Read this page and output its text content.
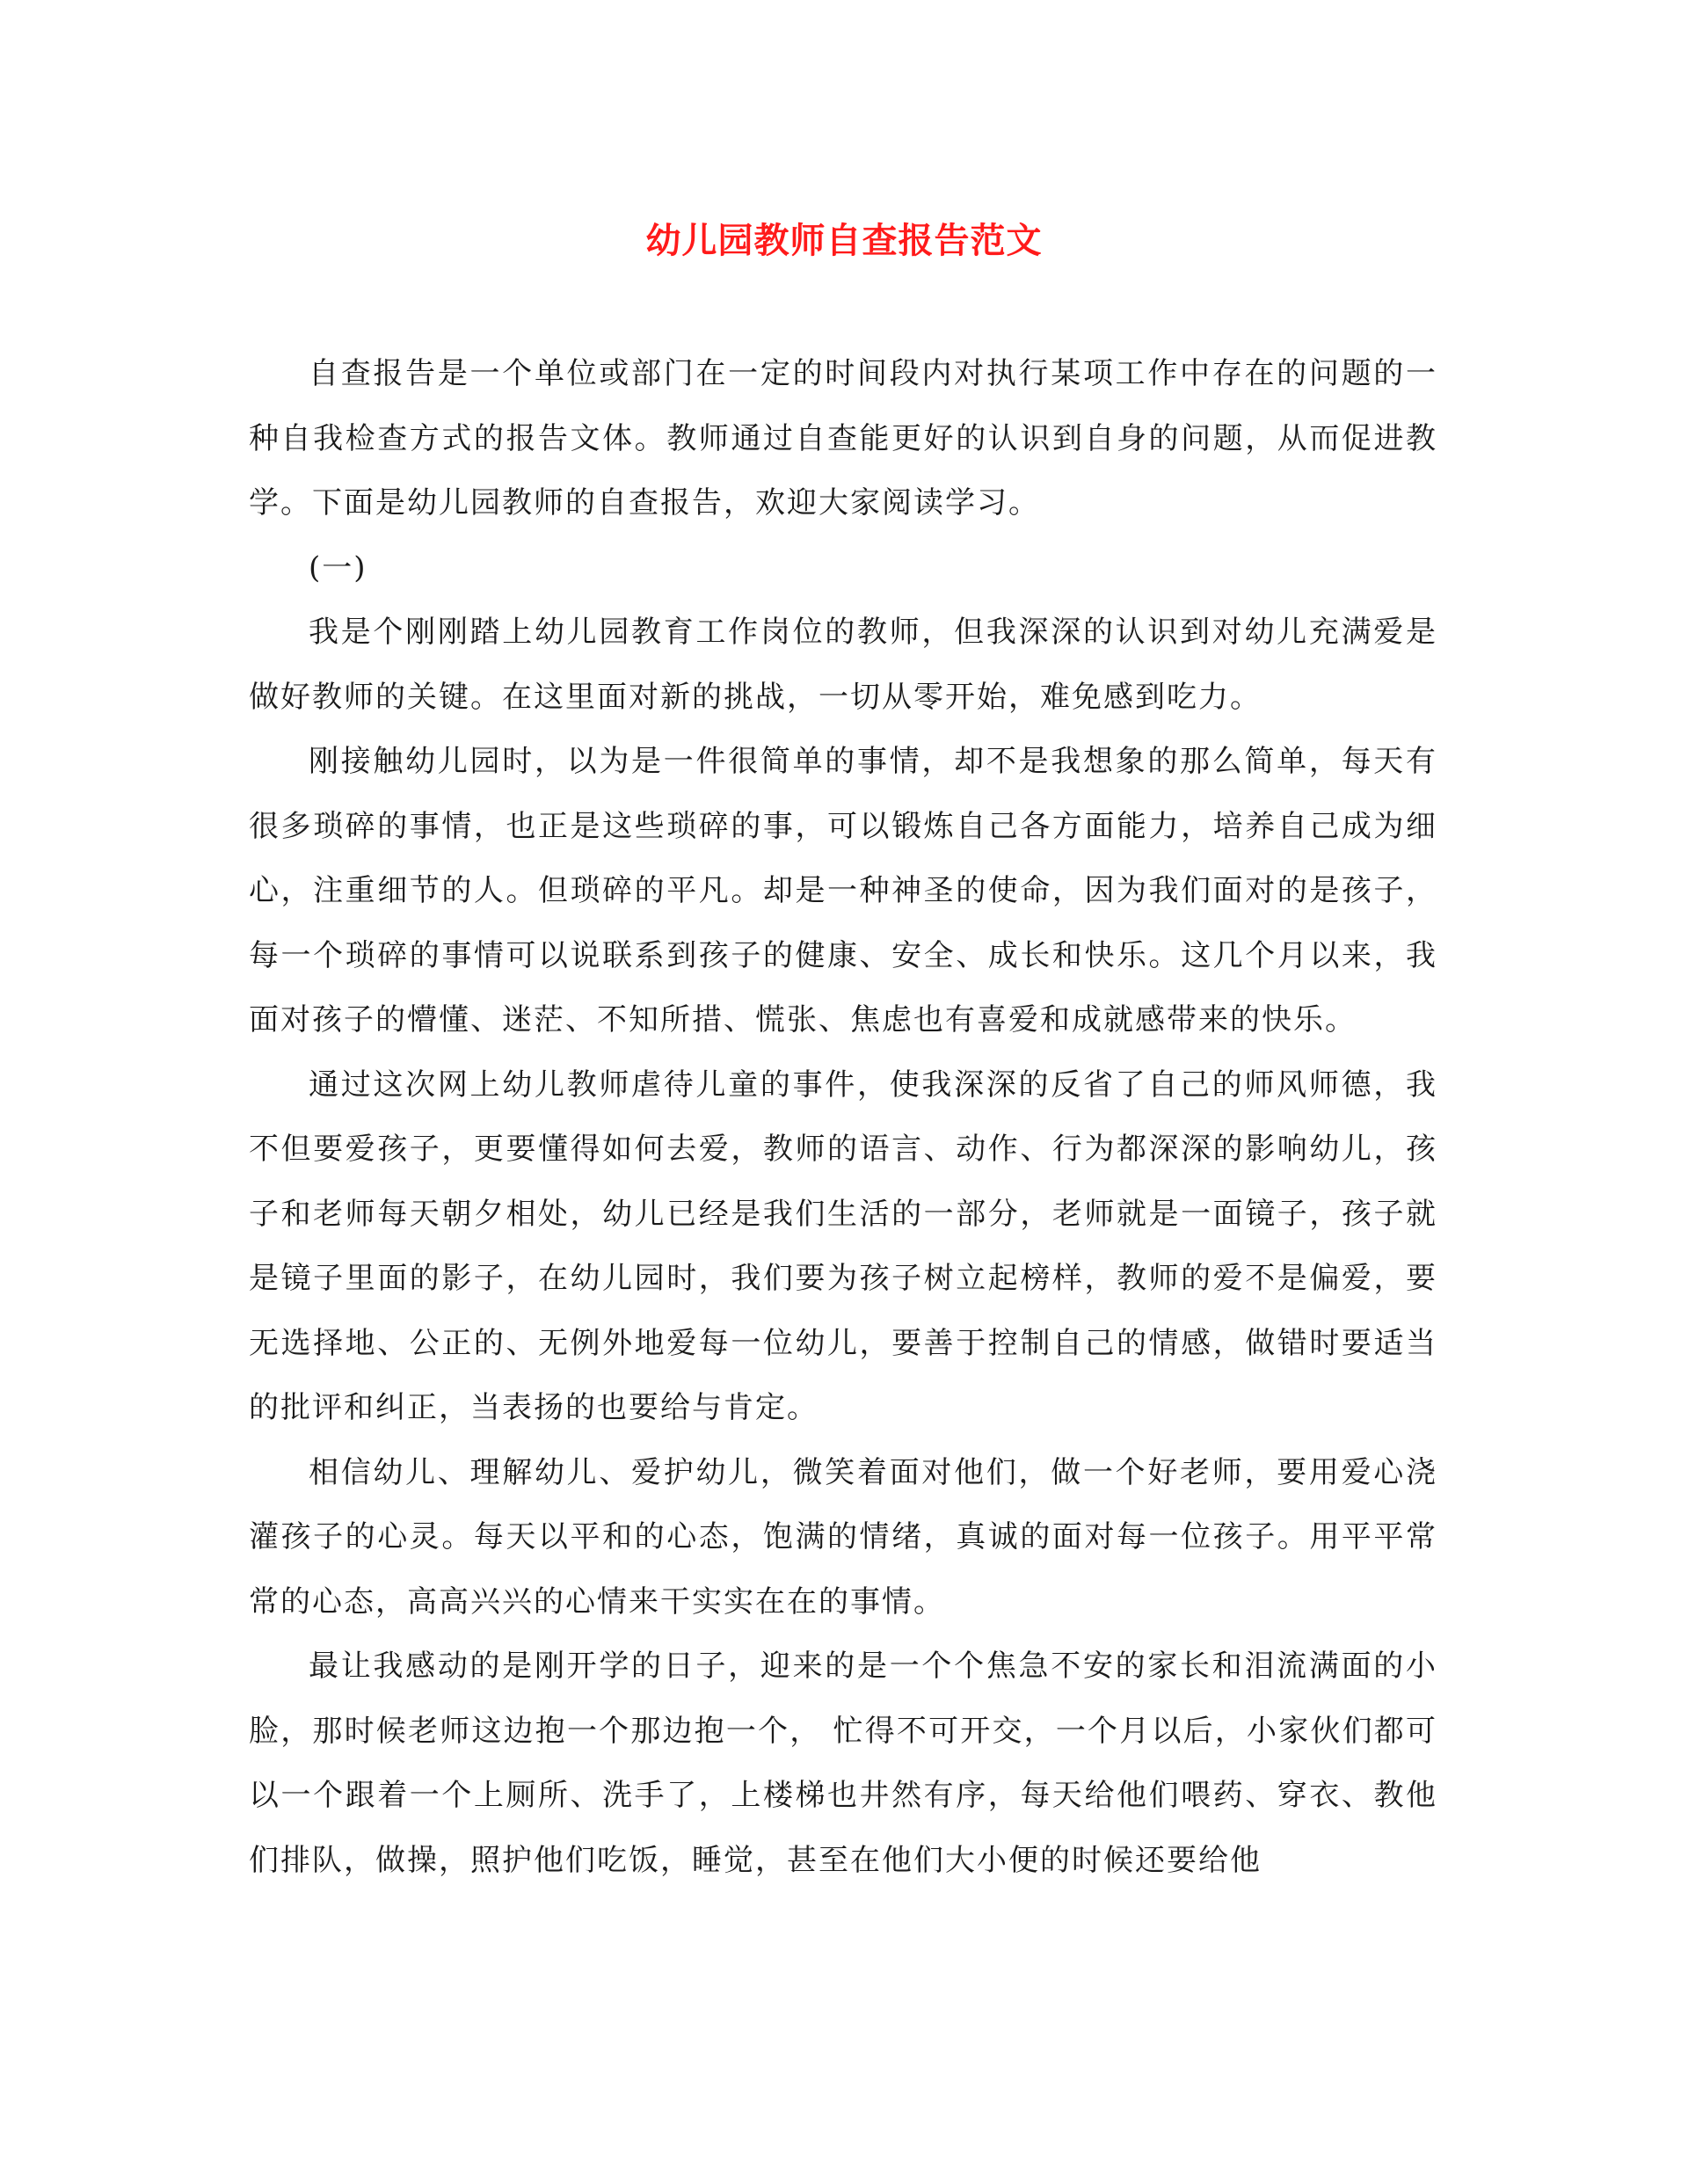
幼儿园教师自查报告范文

自查报告是一个单位或部门在一定的时间段内对执行某项工作中存在的问题的一种自我检查方式的报告文体。教师通过自查能更好的认识到自身的问题，从而促进教学。下面是幼儿园教师的自查报告，欢迎大家阅读学习。

(一)

我是个刚刚踏上幼儿园教育工作岗位的教师，但我深深的认识到对幼儿充满爱是做好教师的关键。在这里面对新的挑战，一切从零开始，难免感到吃力。

刚接触幼儿园时，以为是一件很简单的事情，却不是我想象的那么简单，每天有很多琐碎的事情，也正是这些琐碎的事，可以锻炼自己各方面能力，培养自己成为细心，注重细节的人。但琐碎的平凡。却是一种神圣的使命，因为我们面对的是孩子，每一个琐碎的事情可以说联系到孩子的健康、安全、成长和快乐。这几个月以来，我面对孩子的懵懂、迷茫、不知所措、慌张、焦虑也有喜爱和成就感带来的快乐。

通过这次网上幼儿教师虐待儿童的事件，使我深深的反省了自己的师风师德，我不但要爱孩子，更要懂得如何去爱，教师的语言、动作、行为都深深的影响幼儿，孩子和老师每天朝夕相处，幼儿已经是我们生活的一部分，老师就是一面镜子，孩子就是镜子里面的影子，在幼儿园时，我们要为孩子树立起榜样，教师的爱不是偏爱，要无选择地、公正的、无例外地爱每一位幼儿，要善于控制自己的情感，做错时要适当的批评和纠正，当表扬的也要给与肯定。

相信幼儿、理解幼儿、爱护幼儿，微笑着面对他们，做一个好老师，要用爱心浇灌孩子的心灵。每天以平和的心态，饱满的情绪，真诚的面对每一位孩子。用平平常常的心态，高高兴兴的心情来干实实在在的事情。

最让我感动的是刚开学的日子，迎来的是一个个焦急不安的家长和泪流满面的小脸，那时候老师这边抱一个那边抱一个， 忙得不可开交，一个月以后，小家伙们都可以一个跟着一个上厕所、洗手了，上楼梯也井然有序，每天给他们喂药、穿衣、教他们排队，做操，照护他们吃饭，睡觉，甚至在他们大小便的时候还要给他
